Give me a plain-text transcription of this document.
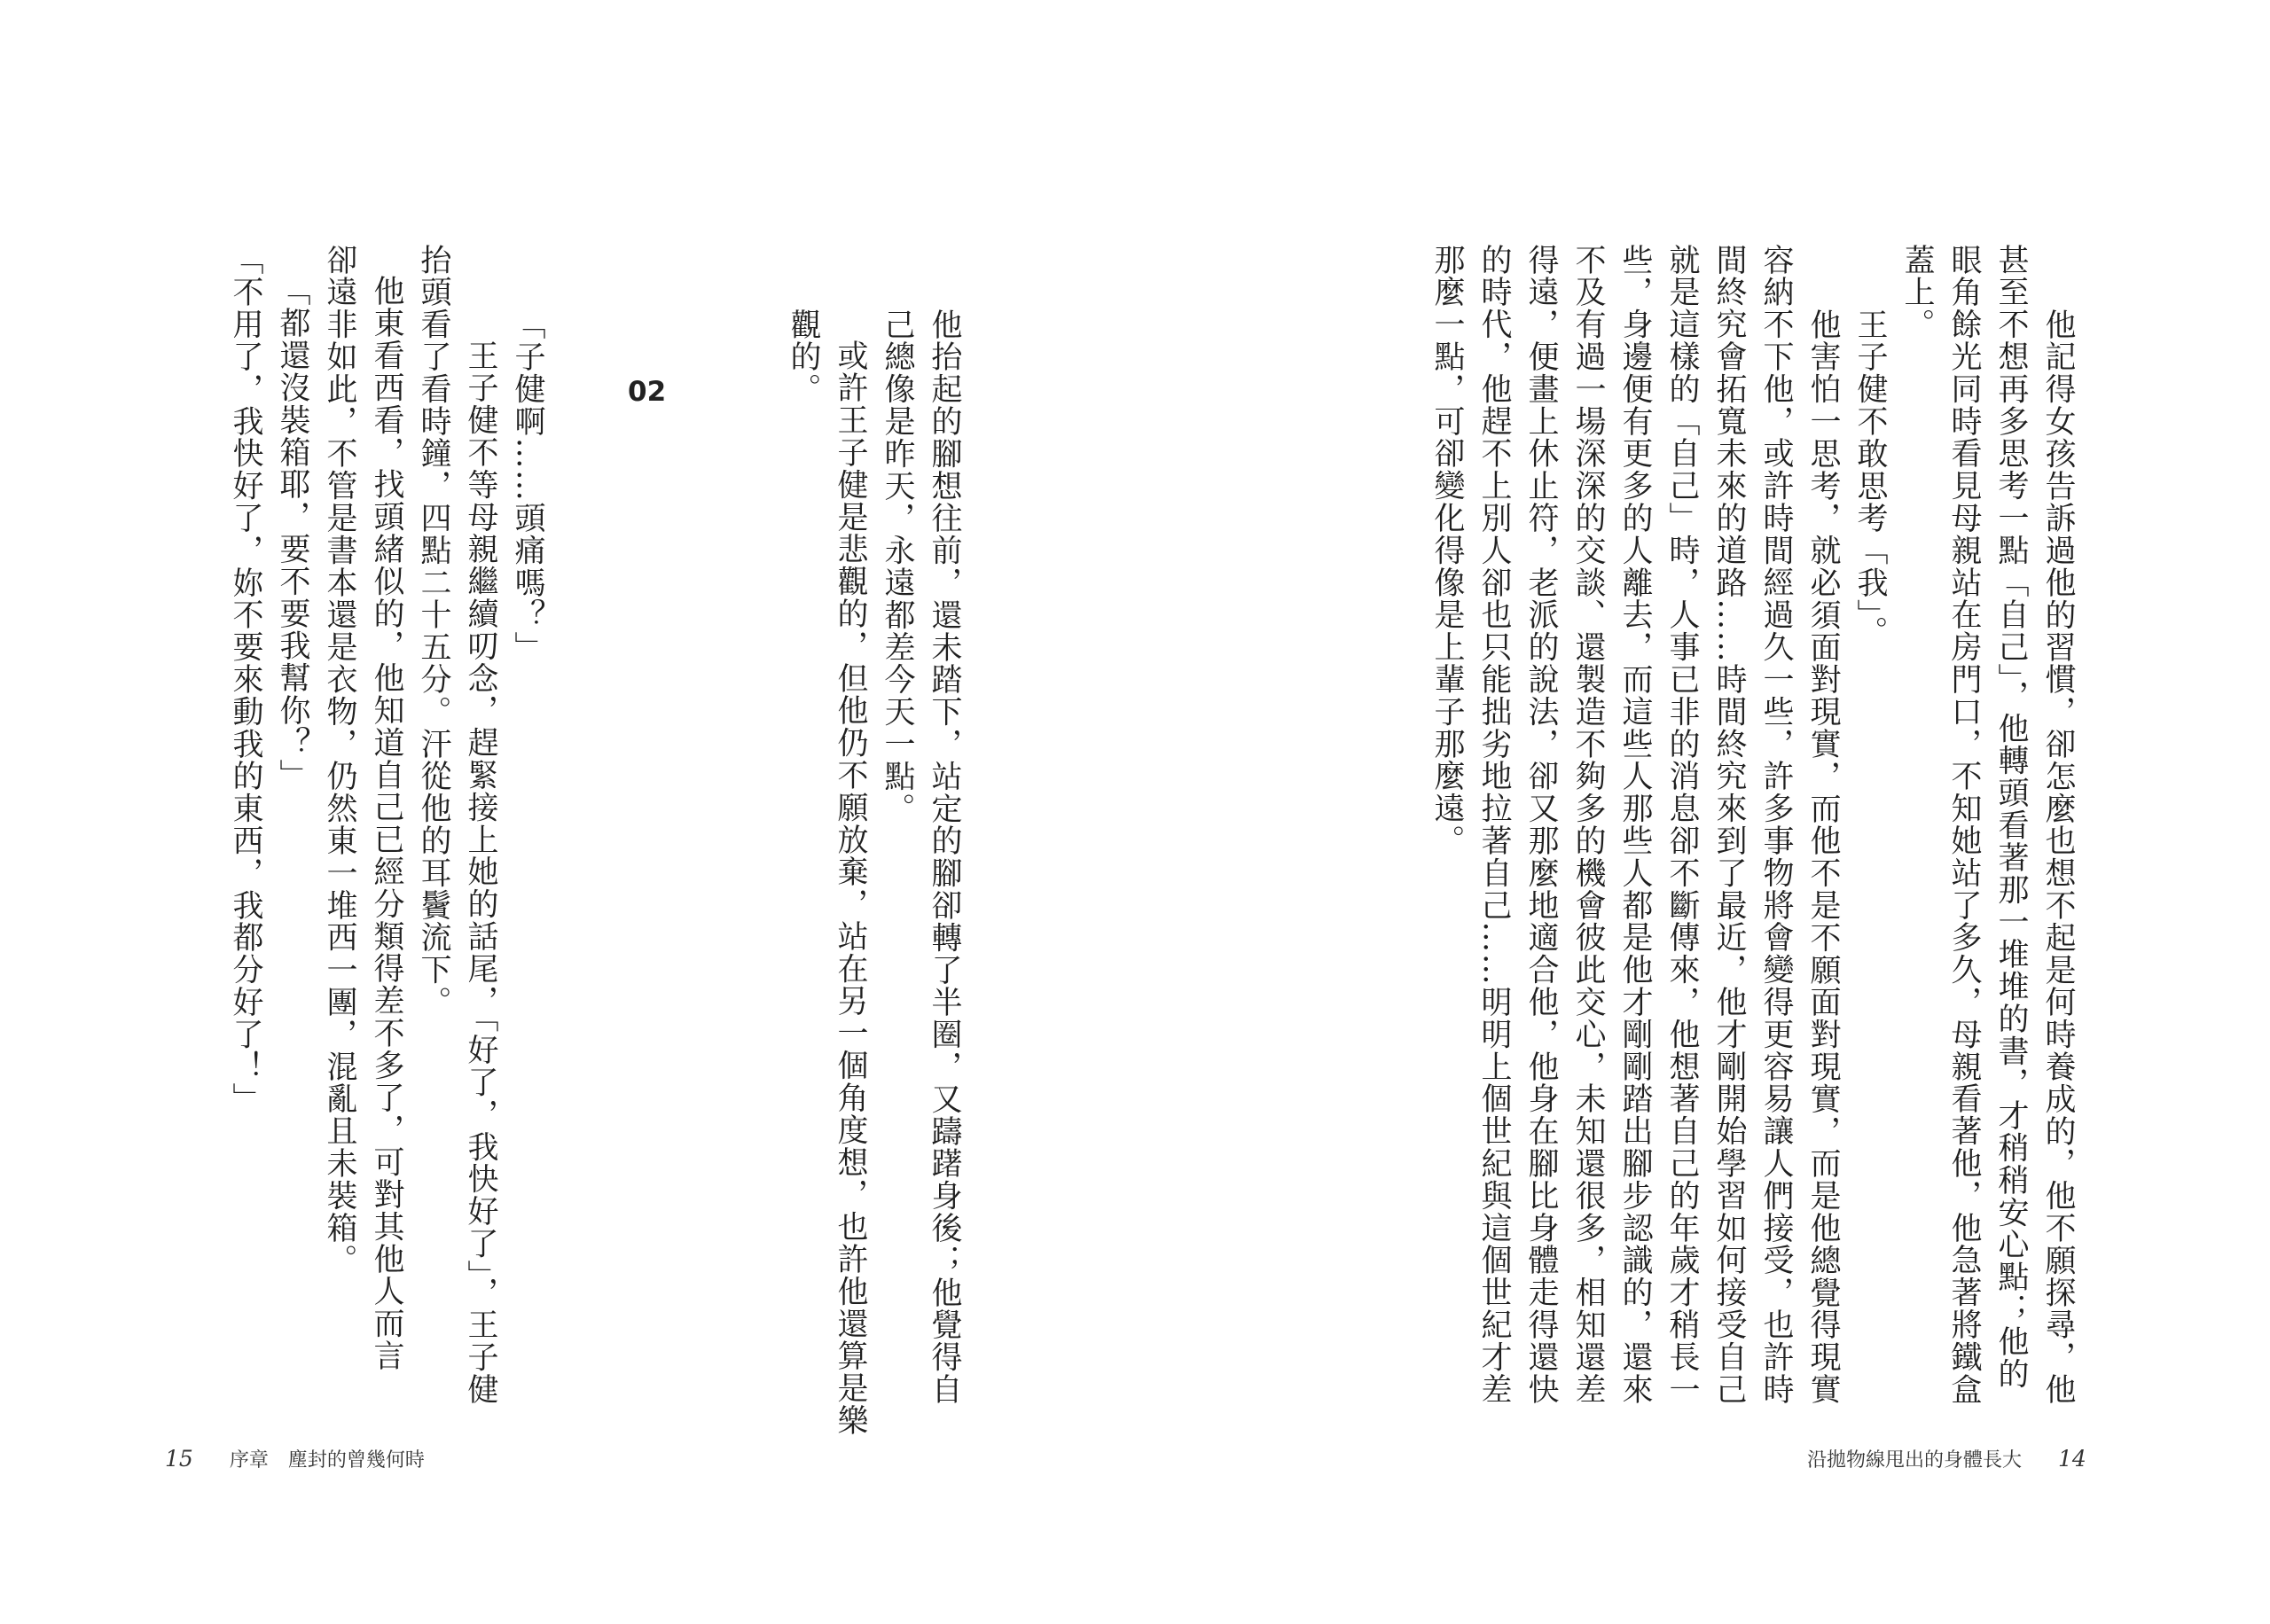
他抬起的腳想往前，還未踏下，站定的腳卻轉了半圈，又躊躇身後；他覺得自
己總像是昨天，永遠都差今天一點。
或許王子健是悲觀的，但他仍不願放棄，站在另一個角度想，也許他還算是樂
觀的。
02
「子健啊……頭痛嗎？」
王子健不等母親繼續叨念，趕緊接上她的話尾，「好了，我快好了」，王子健
抬頭看了看時鐘，四點二十五分。汗從他的耳鬢流下。
他東看西看，找頭緒似的，他知道自己已經分類得差不多了，可對其他人而言
卻遠非如此，不管是書本還是衣物，仍然東一堆西一團，混亂且未裝箱。
「都還沒裝箱耶，要不要我幫你？」
「不用了，我快好了，妳不要來動我的東西，我都分好了！」
15 序章　塵封的曾幾何時
他記得女孩告訴過他的習慣，卻怎麼也想不起是何時養成的，他不願探尋，他
甚至不想再多思考一點「自己」，他轉頭看著那一堆堆的書，才稍稍安心點；他的
眼角餘光同時看見母親站在房門口，不知她站了多久，母親看著他，他急著將鐵盒
蓋上。
王子健不敢思考「我」。
他害怕一思考，就必須面對現實，而他不是不願面對現實，而是他總覺得現實
容納不下他，或許時間經過久一些，許多事物將會變得更容易讓人們接受，也許時
間終究會拓寬未來的道路……時間終究來到了最近，他才剛開始學習如何接受自己
就是這樣的「自己」時，人事已非的消息卻不斷傳來，他想著自己的年歲才稍長一
些，身邊便有更多的人離去，而這些人那些人都是他才剛剛踏出腳步認識的，還來
不及有過一場深深的交談、還製造不夠多的機會彼此交心，未知還很多，相知還差
得遠，便畫上休止符，老派的說法，卻又那麼地適合他，他身在腳比身體走得還快
的時代，他趕不上別人卻也只能拙劣地拉著自己……明明上個世紀與這個世紀才差
那麼一點，可卻變化得像是上輩子那麼遠。
沿拋物線甩出的身體長大 14
